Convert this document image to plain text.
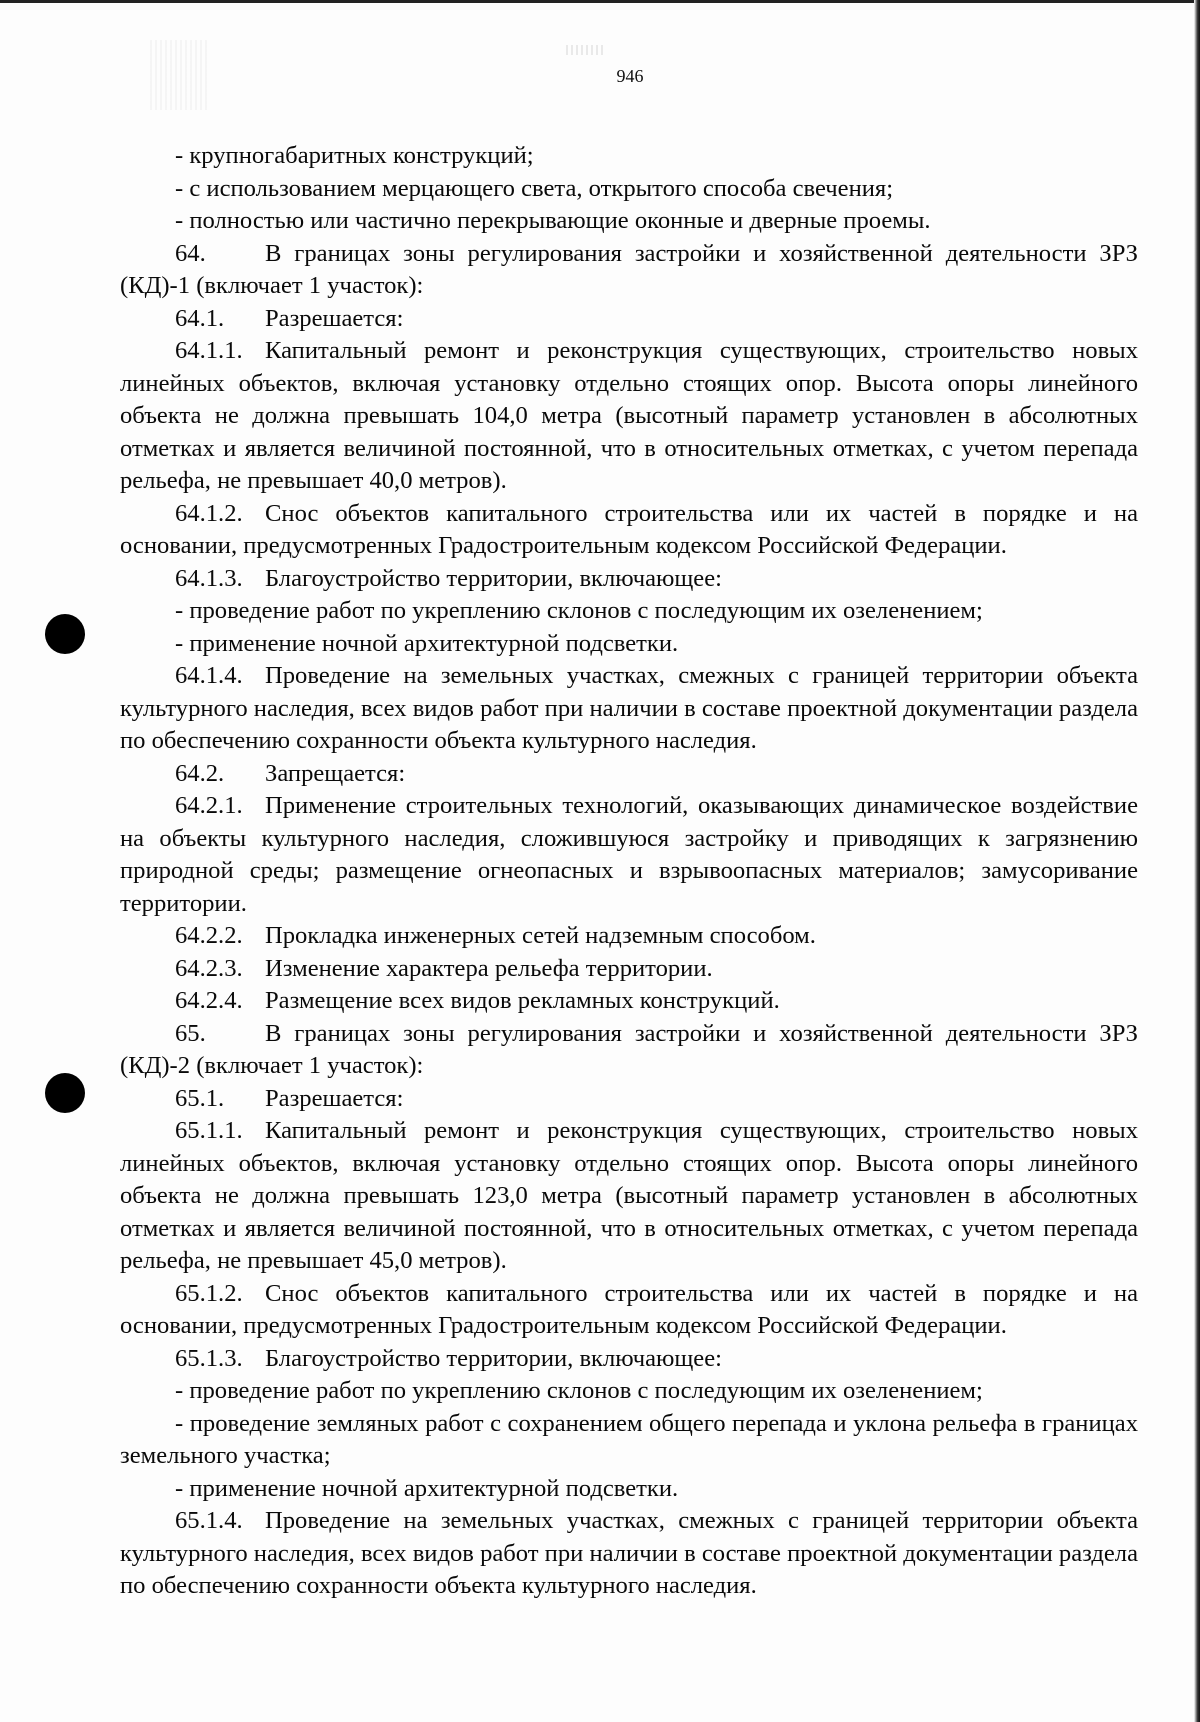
946

- крупногабаритных конструкций;

- с использованием мерцающего света, открытого способа свечения;

- полностью или частично перекрывающие оконные и дверные проемы.

64. В границах зоны регулирования застройки и хозяйственной деятельности ЗРЗ (КД)-1 (включает 1 участок):

64.1. Разрешается:

64.1.1. Капитальный ремонт и реконструкция существующих, строительство новых линейных объектов, включая установку отдельно стоящих опор. Высота опоры линейного объекта не должна превышать 104,0 метра (высотный параметр установлен в абсолютных отметках и является величиной постоянной, что в относительных отметках, с учетом перепада рельефа, не превышает 40,0 метров).

64.1.2. Снос объектов капитального строительства или их частей в порядке и на основании, предусмотренных Градостроительным кодексом Российской Федерации.

64.1.3. Благоустройство территории, включающее:

- проведение работ по укреплению склонов с последующим их озеленением;

- применение ночной архитектурной подсветки.

64.1.4. Проведение на земельных участках, смежных с границей территории объекта культурного наследия, всех видов работ при наличии в составе проектной документации раздела по обеспечению сохранности объекта культурного наследия.

64.2. Запрещается:

64.2.1. Применение строительных технологий, оказывающих динамическое воздействие на объекты культурного наследия, сложившуюся застройку и приводящих к загрязнению природной среды; размещение огнеопасных и взрывоопасных материалов; замусоривание территории.

64.2.2. Прокладка инженерных сетей надземным способом.

64.2.3. Изменение характера рельефа территории.

64.2.4. Размещение всех видов рекламных конструкций.

65. В границах зоны регулирования застройки и хозяйственной деятельности ЗРЗ (КД)-2 (включает 1 участок):

65.1. Разрешается:

65.1.1. Капитальный ремонт и реконструкция существующих, строительство новых линейных объектов, включая установку отдельно стоящих опор. Высота опоры линейного объекта не должна превышать 123,0 метра (высотный параметр установлен в абсолютных отметках и является величиной постоянной, что в относительных отметках, с учетом перепада рельефа, не превышает 45,0 метров).

65.1.2. Снос объектов капитального строительства или их частей в порядке и на основании, предусмотренных Градостроительным кодексом Российской Федерации.

65.1.3. Благоустройство территории, включающее:

- проведение работ по укреплению склонов с последующим их озеленением;

- проведение земляных работ с сохранением общего перепада и уклона рельефа в границах земельного участка;

- применение ночной архитектурной подсветки.

65.1.4. Проведение на земельных участках, смежных с границей территории объекта культурного наследия, всех видов работ при наличии в составе проектной документации раздела по обеспечению сохранности объекта культурного наследия.
